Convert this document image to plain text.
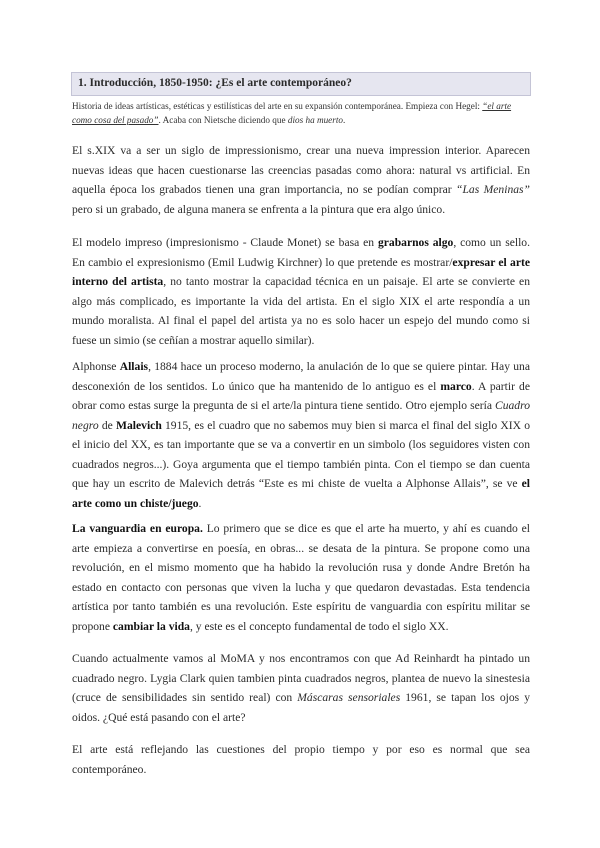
1. Introducción, 1850-1950: ¿Es el arte contemporáneo?
Historia de ideas artísticas, estéticas y estilísticas del arte en su expansión contemporánea. Empieza con Hegel: “el arte como cosa del pasado”. Acaba con Nietsche diciendo que dios ha muerto.
El s.XIX va a ser un siglo de impressionismo, crear una nueva impression interior. Aparecen nuevas ideas que hacen cuestionarse las creencias pasadas como ahora: natural vs artificial. En aquella época los grabados tienen una gran importancia, no se podían comprar “Las Meninas” pero si un grabado, de alguna manera se enfrenta a la pintura que era algo único.
El modelo impreso (impresionismo - Claude Monet) se basa en grabarnos algo, como un sello. En cambio el expresionismo (Emil Ludwig Kirchner) lo que pretende es mostrar/expresar el arte interno del artista, no tanto mostrar la capacidad técnica en un paisaje. El arte se convierte en algo más complicado, es importante la vida del artista. En el siglo XIX el arte respondía a un mundo moralista. Al final el papel del artista ya no es solo hacer un espejo del mundo como si fuese un simio (se ceñían a mostrar aquello similar).
Alphonse Allais, 1884 hace un proceso moderno, la anulación de lo que se quiere pintar. Hay una desconexión de los sentidos. Lo único que ha mantenido de lo antiguo es el marco. A partir de obrar como estas surge la pregunta de si el arte/la pintura tiene sentido. Otro ejemplo sería Cuadro negro de Malevich 1915, es el cuadro que no sabemos muy bien si marca el final del siglo XIX o el inicio del XX, es tan importante que se va a convertir en un simbolo (los seguidores visten con cuadrados negros...). Goya argumenta que el tiempo también pinta. Con el tiempo se dan cuenta que hay un escrito de Malevich detrás “Este es mi chiste de vuelta a Alphonse Allais”, se ve el arte como un chiste/juego.
La vanguardia en europa. Lo primero que se dice es que el arte ha muerto, y ahí es cuando el arte empieza a convertirse en poesía, en obras... se desata de la pintura. Se propone como una revolución, en el mismo momento que ha habido la revolución rusa y donde Andre Bretón ha estado en contacto con personas que viven la lucha y que quedaron devastadas. Esta tendencia artística por tanto también es una revolución. Este espíritu de vanguardia con espíritu militar se propone cambiar la vida, y este es el concepto fundamental de todo el siglo XX.
Cuando actualmente vamos al MoMA y nos encontramos con que Ad Reinhardt ha pintado un cuadrado negro. Lygia Clark quien tambien pinta cuadrados negros, plantea de nuevo la sinestesia (cruce de sensibilidades sin sentido real) con Máscaras sensoriales 1961, se tapan los ojos y oidos. ¿Qué está pasando con el arte?
El arte está reflejando las cuestiones del propio tiempo y por eso es normal que sea contemporáneo.
